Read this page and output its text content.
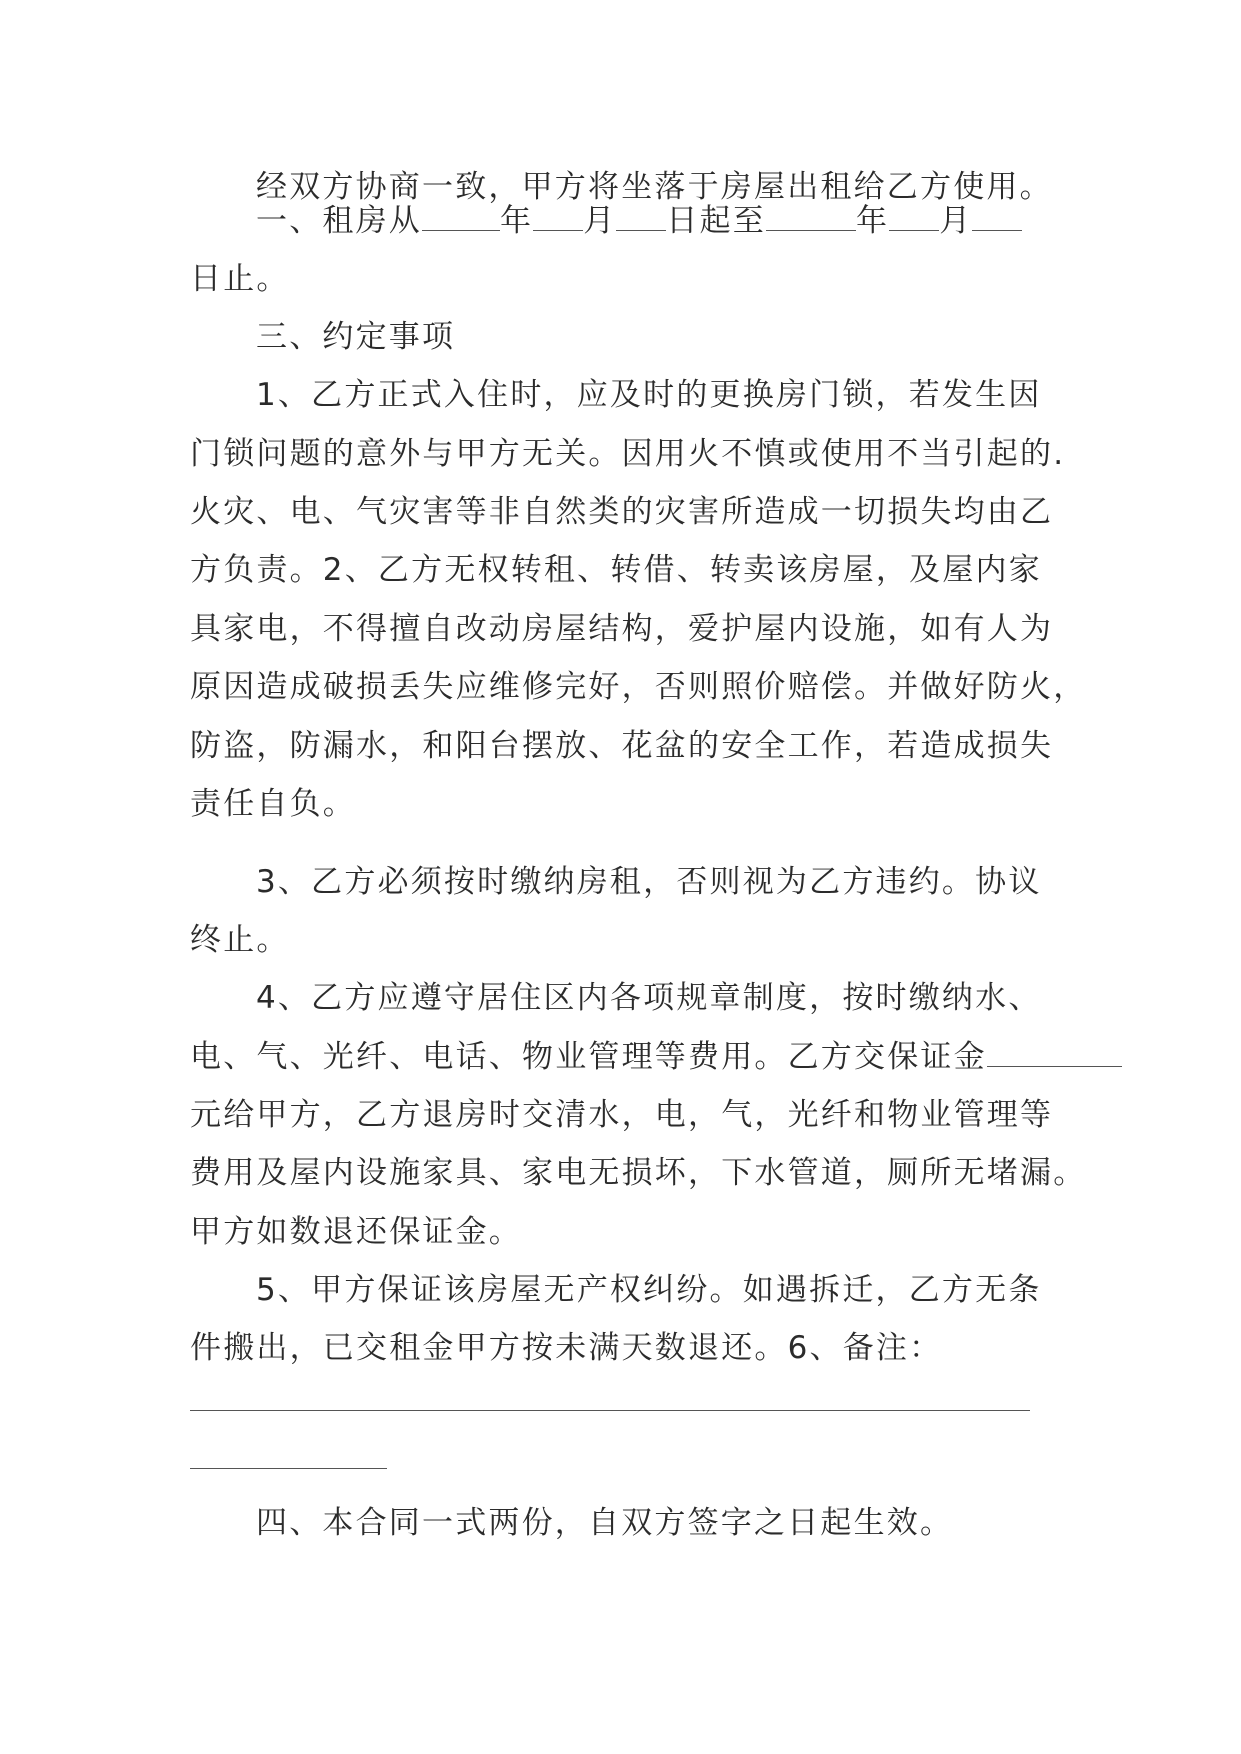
经双方协商一致，甲方将坐落于房屋出租给乙方使用。

一、租房从	年 月 日起至	年 月

日止。

三、约定事项

1、乙方正式入住时，应及时的更换房门锁，若发生因

门锁问题的意外与甲方无关。因用火不慎或使用不当引起的.

火灾、电、气灾害等非自然类的灾害所造成一切损失均由乙

方负责。2、乙方无权转租、转借、转卖该房屋，及屋内家

具家电，不得擅自改动房屋结构，爱护屋内设施，如有人为

原因造成破损丢失应维修完好，否则照价赔偿。并做好防火，

防盗，防漏水，和阳台摆放、花盆的安全工作，若造成损失

责任自负。

3、乙方必须按时缴纳房租，否则视为乙方违约。协议

终止。

4、乙方应遵守居住区内各项规章制度，按时缴纳水、

电、气、光纤、电话、物业管理等费用。乙方交保证金

元给甲方，乙方退房时交清水，电，气，光纤和物业管理等

费用及屋内设施家具、家电无损坏，下水管道，厕所无堵漏。

甲方如数退还保证金。

5、甲方保证该房屋无产权纠纷。如遇拆迁，乙方无条

件搬出，已交租金甲方按未满天数退还。6、备注：

四、本合同一式两份，自双方签字之日起生效。
